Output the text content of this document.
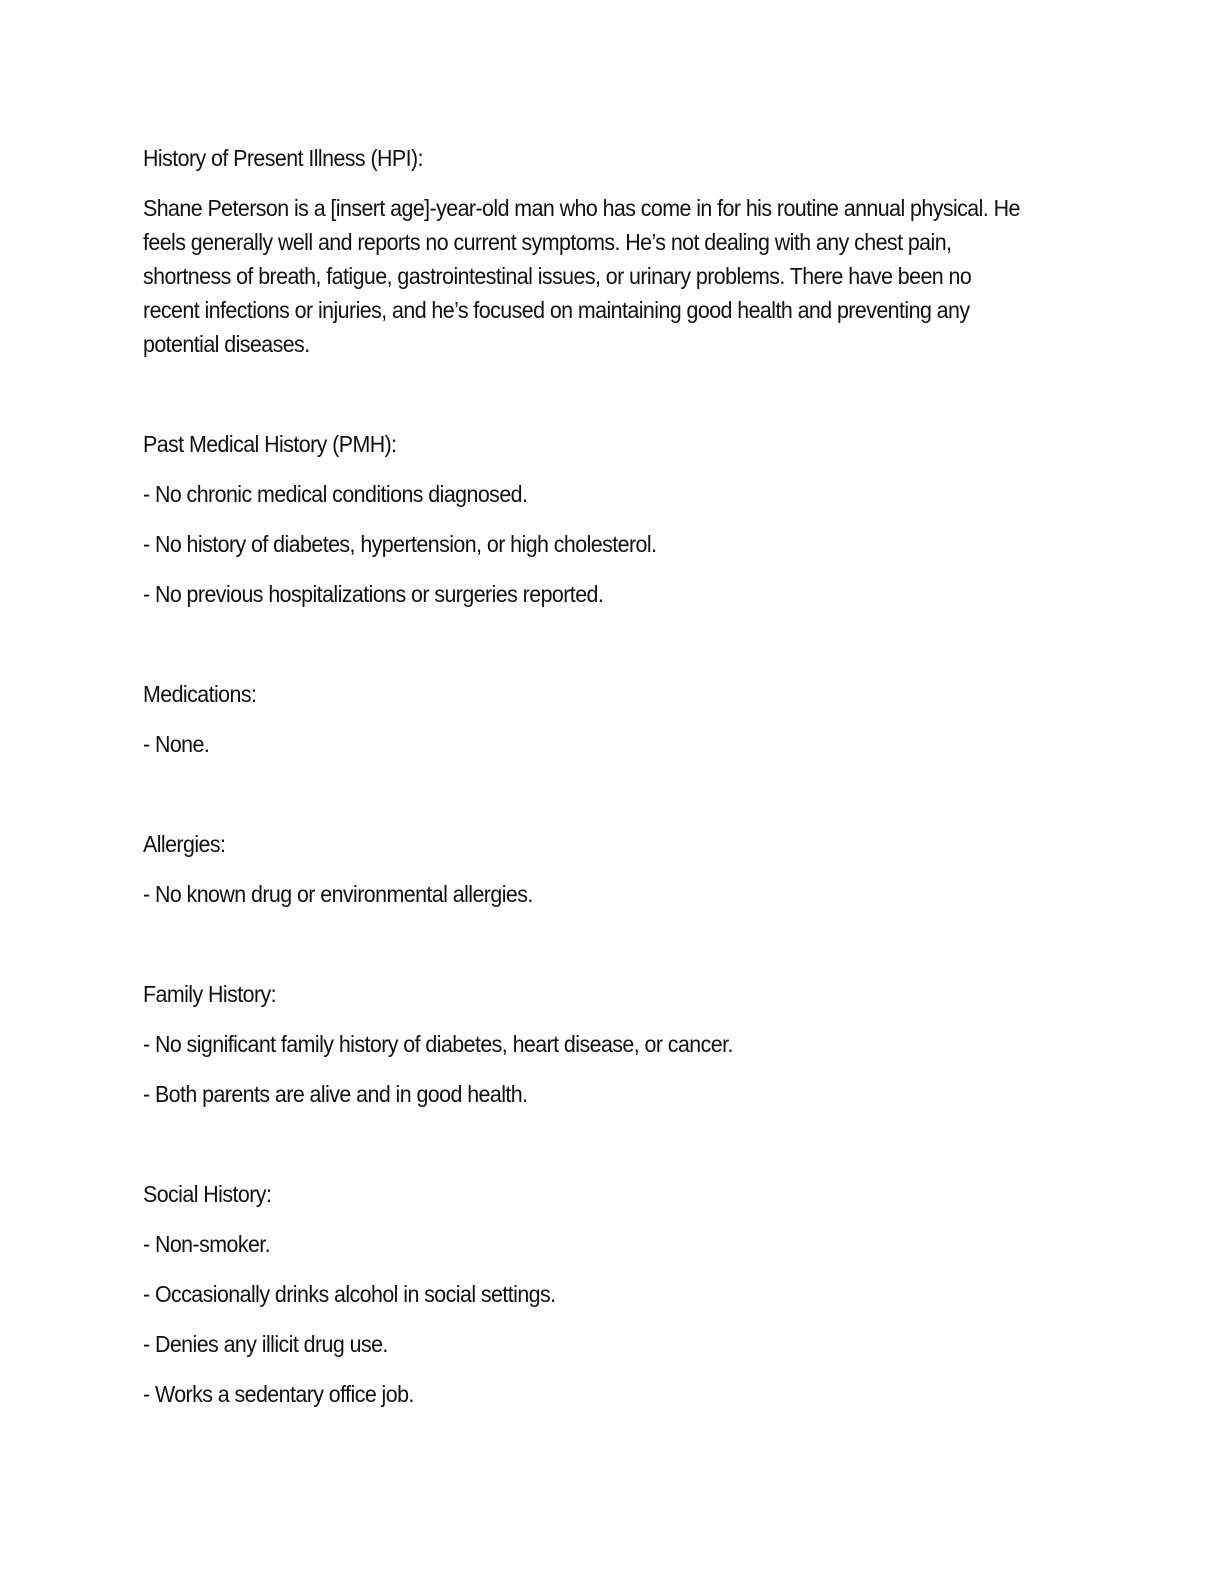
History of Present Illness (HPI):

Shane Peterson is a [insert age]-year-old man who has come in for his routine annual physical. He feels generally well and reports no current symptoms. He’s not dealing with any chest pain, shortness of breath, fatigue, gastrointestinal issues, or urinary problems. There have been no recent infections or injuries, and he’s focused on maintaining good health and preventing any potential diseases.

Past Medical History (PMH):

- No chronic medical conditions diagnosed.

- No history of diabetes, hypertension, or high cholesterol.

- No previous hospitalizations or surgeries reported.

Medications:

- None.

Allergies:

- No known drug or environmental allergies.

Family History:

- No significant family history of diabetes, heart disease, or cancer.

- Both parents are alive and in good health.

Social History:

- Non-smoker.

- Occasionally drinks alcohol in social settings.

- Denies any illicit drug use.

- Works a sedentary office job.
